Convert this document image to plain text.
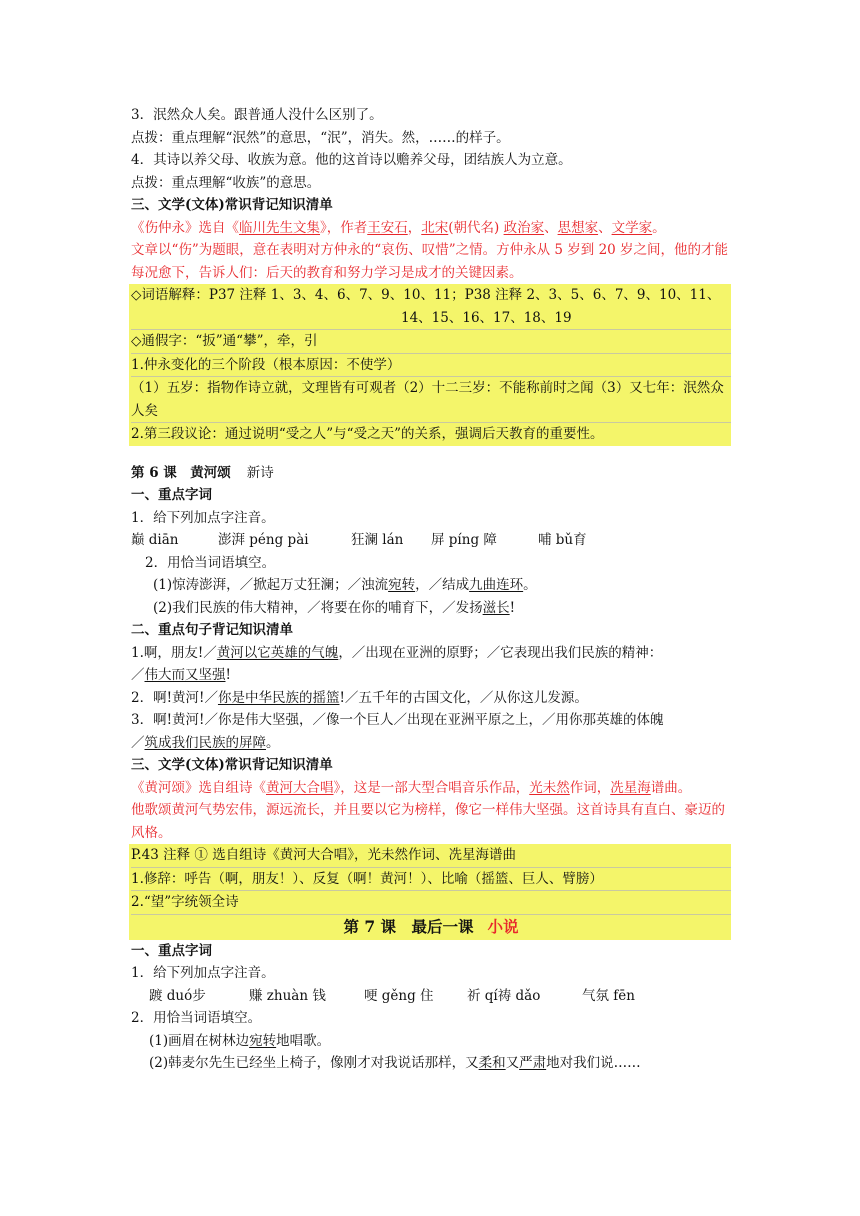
3．泯然众人矣。跟普通人没什么区别了。
点拨：重点理解“泯然”的意思，“泯”，消失。然，……的样子。
4．其诗以养父母、收族为意。他的这首诗以赡养父母，团结族人为立意。
点拨：重点理解“收族”的意思。
三、文学(文体)常识背记知识清单
《伤仲永》选自《临川先生文集》，作者王安石，北宋(朝代名) 政治家、思想家、文学家。
文章以“伤”为题眼，意在表明对方仲永的“哀伤、叹惜”之情。方仲永从 5 岁到 20 岁之间，他的才能每况愈下，告诉人们：后天的教育和努力学习是成才的关键因素。
◇词语解释：P37 注释 1、3、4、6、7、9、10、11；P38 注释 2、3、5、6、7、9、10、11、
14、15、16、17、18、19
◇通假字：“扳”通“攀”，牵，引
1.仲永变化的三个阶段（根本原因：不使学）
（1）五岁：指物作诗立就，文理皆有可观者（2）十二三岁：不能称前时之闻（3）又七年：泯然众人矣
2.第三段议论：通过说明“受之人”与“受之天”的关系，强调后天教育的重要性。
第 6 课　黄河颂 新诗
一、重点字词
1．给下列加点字注音。
巅 diān	澎湃 péng pài	狂澜 lán 屏 píng 障	哺 bǔ育
2．用恰当词语填空。
(1)惊涛澎湃，／掀起万丈狂澜；／浊流宛转，／结成九曲连环。
(2)我们民族的伟大精神，／将要在你的哺育下，／发扬滋长!
二、重点句子背记知识清单
1.啊，朋友!／黄河以它英雄的气魄，／出现在亚洲的原野；／它表现出我们民族的精神：
／伟大而又坚强!
2．啊!黄河!／你是中华民族的摇篮!／五千年的古国文化，／从你这儿发源。
3．啊!黄河!／你是伟大坚强，／像一个巨人／出现在亚洲平原之上，／用你那英雄的体魄
／筑成我们民族的屏障。
三、文学(文体)常识背记知识清单
《黄河颂》选自组诗《黄河大合唱》，这是一部大型合唱音乐作品，光未然作词，冼星海谱曲。
他歌颂黄河气势宏伟，源远流长，并且要以它为榜样，像它一样伟大坚强。这首诗具有直白、豪迈的风格。
P.43 注释 ① 选自组诗《黄河大合唱》，光未然作词、冼星海谱曲
1.修辞：呼告（啊，朋友！）、反复（啊！黄河！）、比喻（摇篮、巨人、臂膀）
2.“望”字统领全诗
第 7 课　最后一课 小说
一、重点字词
1．给下列加点字注音。
踱 duó步	赚 zhuàn 钱	哽 gěng 住 祈 qí祷 dǎo	气氛 fēn
2．用恰当词语填空。
(1)画眉在树林边宛转地唱歌。
(2)韩麦尔先生已经坐上椅子，像刚才对我说话那样，又柔和又严肃地对我们说……
